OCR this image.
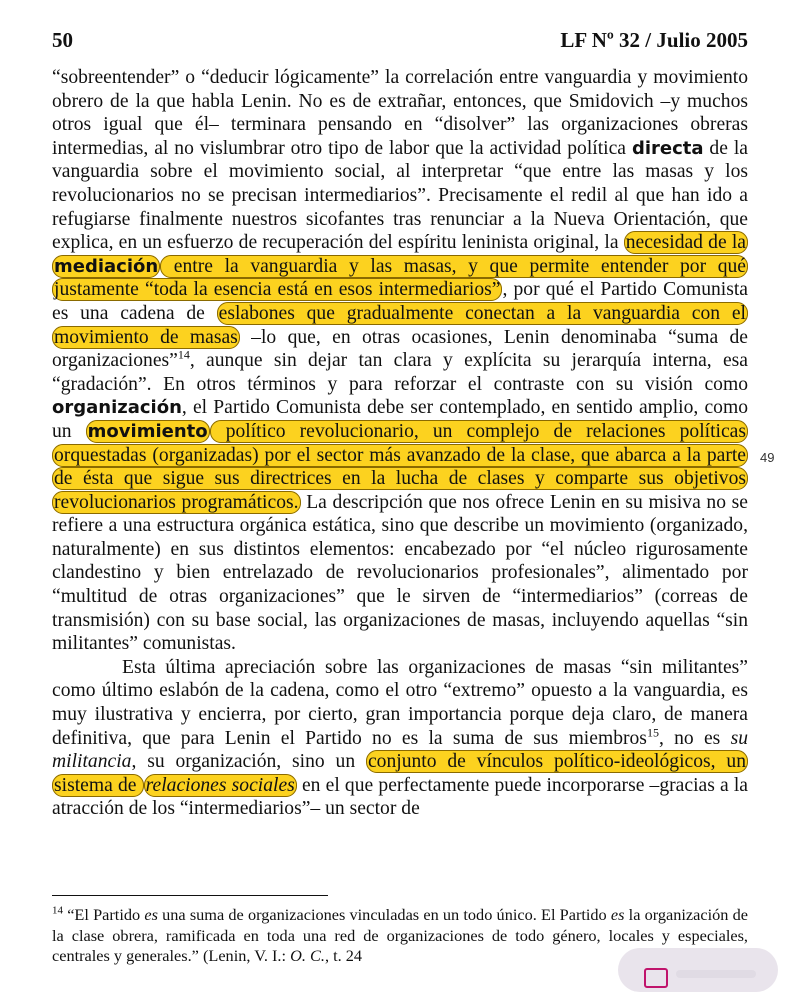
50	LF Nº 32 / Julio 2005

“sobreentender” o “deducir lógicamente” la correlación entre vanguardia y movimiento obrero de la que habla Lenin. No es de extrañar, entonces, que Smidovich –y muchos otros igual que él– terminara pensando en “disolver” las organizaciones obreras intermedias, al no vislumbrar otro tipo de labor que la actividad política directa de la vanguardia sobre el movimiento social, al interpretar “que entre las masas y los revolucionarios no se precisan intermediarios”. Precisamente el redil al que han ido a refugiarse finalmente nuestros sicofantes tras renunciar a la Nueva Orientación, que explica, en un esfuerzo de recuperación del espíritu leninista original, la necesidad de la mediación entre la vanguardia y las masas, y que permite entender por qué justamente “toda la esencia está en esos intermediarios” , por qué el Partido Comunista es una cadena de eslabones que gradualmente conectan a la vanguardia con el movimiento de masas –lo que, en otras ocasiones, Lenin denominaba “suma de organizaciones”$^{14}$, aunque sin dejar tan clara y explícita su jerarquía interna, esa “gradación”. En otros términos y para reforzar el contraste con su visión como organización, el Partido Comunista debe ser contemplado, en sentido amplio, como un movimiento político revolucionario, un complejo de relaciones políticas orquestadas (organizadas) por el sector más avanzado de la clase, que abarca a la parte de ésta que sigue sus directrices en la lucha de clases y comparte sus objetivos revolucionarios programáticos. La descripción que nos ofrece Lenin en su misiva no se refiere a una estructura orgánica estática, sino que describe un movimiento (organizado, naturalmente) en sus distintos elementos: encabezado por “el núcleo rigurosamente clandestino y bien entrelazado de revolucionarios profesionales”, alimentado por “multitud de otras organizaciones” que le sirven de “intermediarios” (correas de transmisión) con su base social, las organizaciones de masas, incluyendo aquellas “sin militantes” comunistas.

Esta última apreciación sobre las organizaciones de masas “sin militantes” como último eslabón de la cadena, como el otro “extremo” opuesto a la vanguardia, es muy ilustrativa y encierra, por cierto, gran importancia porque deja claro, de manera definitiva, que para Lenin el Partido no es la suma de sus miembros$^{15}$, no es su militancia, su organización, sino un conjunto de vínculos político-ideológicos, un sistema de relaciones sociales en el que perfectamente puede incorporarse –gracias a la atracción de los “intermediarios”– un sector de

49
$^{14}$ “El Partido es una suma de organizaciones vinculadas en un todo único. El Partido es la organización de la clase obrera, ramificada en toda una red de organizaciones de todo género, locales y especiales, centrales y generales.” (Lenin, V. I.: O. C., t. 24
